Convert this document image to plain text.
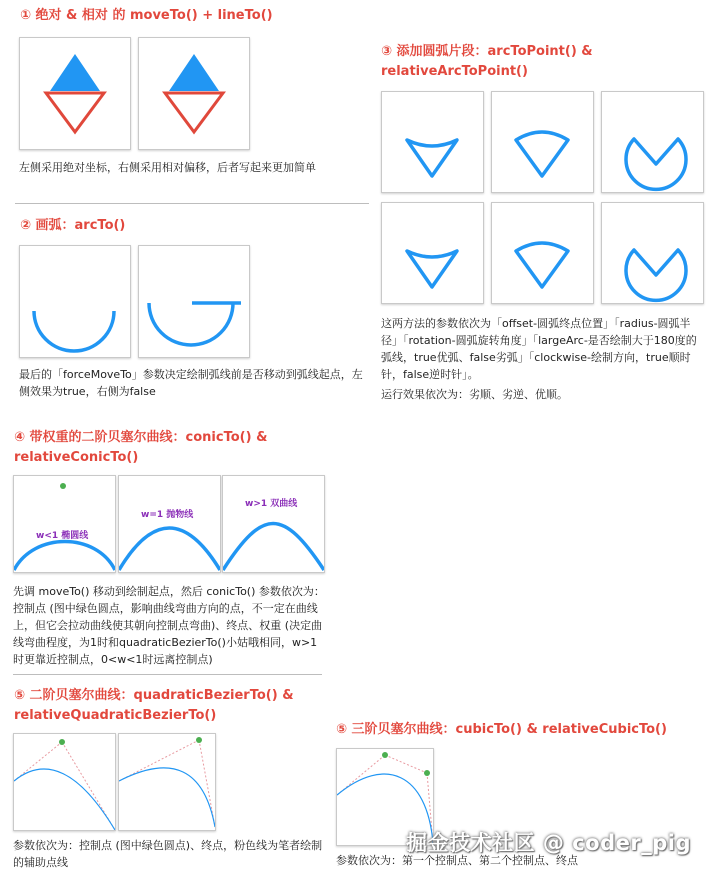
① 绝对 & 相对 的 moveTo() + lineTo()
左侧采用绝对坐标，右侧采用相对偏移，后者写起来更加简单
② 画弧：arcTo()
最后的「forceMoveTo」参数决定绘制弧线前是否移动到弧线起点，左侧效果为true，右侧为false
③ 添加圆弧片段：arcToPoint() & relativeArcToPoint()
这两方法的参数依次为「offset-圆弧终点位置」「radius-圆弧半径」「rotation-圆弧旋转角度」「largeArc-是否绘制大于180度的弧线，true优弧、false劣弧」「clockwise-绘制方向，true顺时针，false逆时针」。
运行效果依次为：劣顺、劣逆、优顺。
④ 带权重的二阶贝塞尔曲线：conicTo() & relativeConicTo()
w<1 椭圆线
w=1 抛物线
w>1 双曲线
先调 moveTo() 移动到绘制起点，然后 conicTo() 参数依次为：控制点 (图中绿色圆点，影响曲线弯曲方向的点，不一定在曲线上，但它会拉动曲线使其朝向控制点弯曲)、终点、权重 (决定曲线弯曲程度，为1时和quadraticBezierTo()小姑哦相同，w>1时更靠近控制点，0<w<1时远离控制点)
⑤ 二阶贝塞尔曲线：quadraticBezierTo() & relativeQuadraticBezierTo()
参数依次为：控制点 (图中绿色圆点)、终点，粉色线为笔者绘制的辅助点线
⑤ 三阶贝塞尔曲线：cubicTo() & relativeCubicTo()
参数依次为：第一个控制点、第二个控制点、终点
掘金技术社区 @ coder_pig
